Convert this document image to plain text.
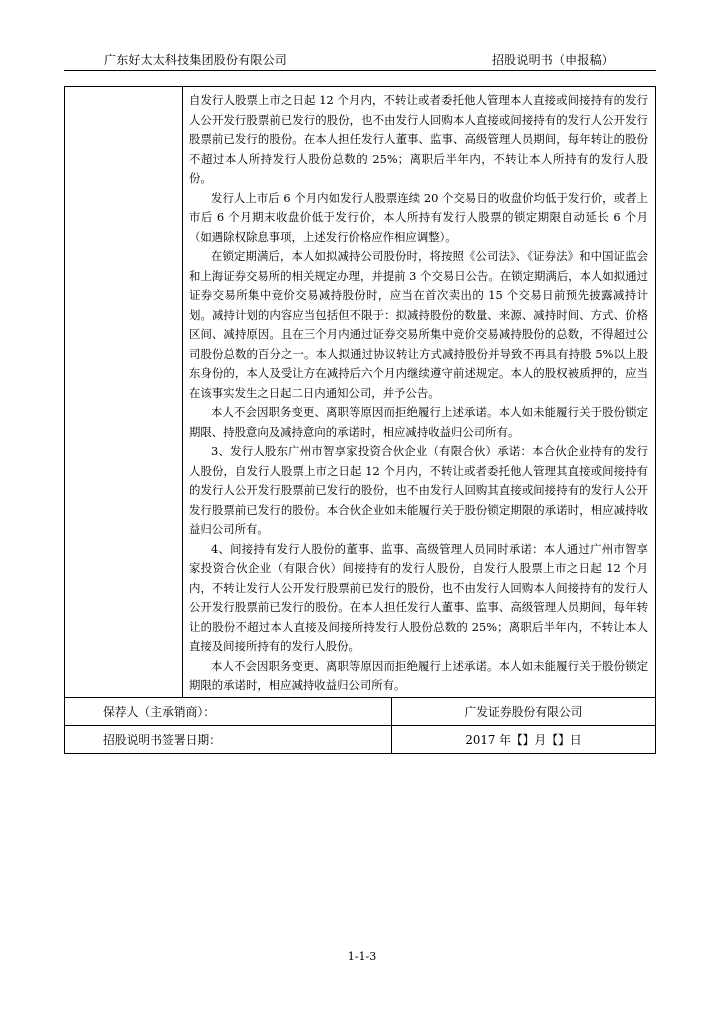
广东好太太科技集团股份有限公司	招股说明书（申报稿）

自发行人股票上市之日起 12 个月内，不转让或者委托他人管理本人直接或间接持有的发行人公开发行股票前已发行的股份，也不由发行人回购本人直接或间接持有的发行人公开发行股票前已发行的股份。在本人担任发行人董事、监事、高级管理人员期间，每年转让的股份不超过本人所持发行人股份总数的 25%；离职后半年内，不转让本人所持有的发行人股份。

发行人上市后 6 个月内如发行人股票连续 20 个交易日的收盘价均低于发行价，或者上市后 6 个月期末收盘价低于发行价，本人所持有发行人股票的锁定期限自动延长 6 个月（如遇除权除息事项，上述发行价格应作相应调整）。

在锁定期满后，本人如拟减持公司股份时，将按照《公司法》、《证券法》和中国证监会和上海证券交易所的相关规定办理，并提前 3 个交易日公告。在锁定期满后，本人如拟通过证券交易所集中竞价交易减持股份时，应当在首次卖出的 15 个交易日前预先披露减持计划。减持计划的内容应当包括但不限于：拟减持股份的数量、来源、减持时间、方式、价格区间、减持原因。且在三个月内通过证券交易所集中竞价交易减持股份的总数，不得超过公司股份总数的百分之一。本人拟通过协议转让方式减持股份并导致不再具有持股 5%以上股东身份的，本人及受让方在减持后六个月内继续遵守前述规定。本人的股权被质押的，应当在该事实发生之日起二日内通知公司，并予公告。

本人不会因职务变更、离职等原因而拒绝履行上述承诺。本人如未能履行关于股份锁定期限、持股意向及减持意向的承诺时，相应减持收益归公司所有。

3、发行人股东广州市智享家投资合伙企业（有限合伙）承诺：本合伙企业持有的发行人股份，自发行人股票上市之日起 12 个月内，不转让或者委托他人管理其直接或间接持有的发行人公开发行股票前已发行的股份，也不由发行人回购其直接或间接持有的发行人公开发行股票前已发行的股份。本合伙企业如未能履行关于股份锁定期限的承诺时，相应减持收益归公司所有。

4、间接持有发行人股份的董事、监事、高级管理人员同时承诺：本人通过广州市智享家投资合伙企业（有限合伙）间接持有的发行人股份，自发行人股票上市之日起 12 个月内，不转让发行人公开发行股票前已发行的股份，也不由发行人回购本人间接持有的发行人公开发行股票前已发行的股份。在本人担任发行人董事、监事、高级管理人员期间，每年转让的股份不超过本人直接及间接所持发行人股份总数的 25%；离职后半年内，不转让本人直接及间接所持有的发行人股份。

本人不会因职务变更、离职等原因而拒绝履行上述承诺。本人如未能履行关于股份锁定期限的承诺时，相应减持收益归公司所有。

保荐人（主承销商）：	广发证券股份有限公司

招股说明书签署日期：	2017 年【】月【】日
1-1-3
